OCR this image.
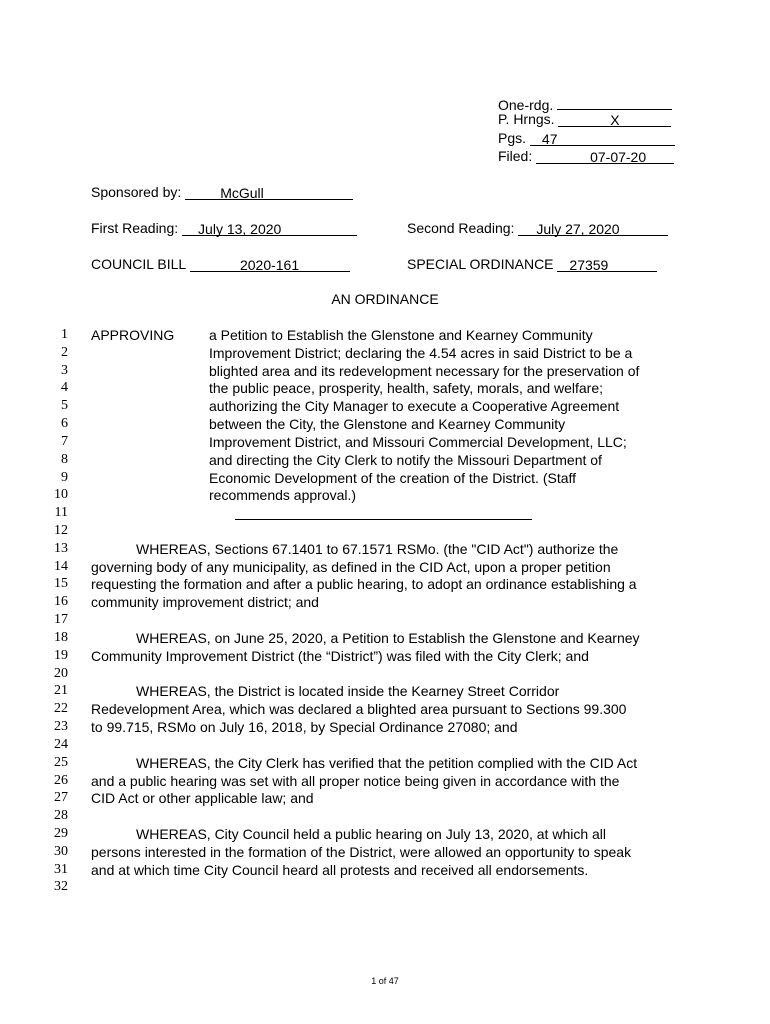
One-rdg.
P. Hrngs.	X
Pgs. 47
Filed:	07-07-20
Sponsored by:	McGull
First Reading: July 13, 2020	Second Reading: July 27, 2020
COUNCIL BILL	2020-161	SPECIAL ORDINANCE 27359
AN ORDINANCE
1
2
3
4
5
6
7
8
9
10
11
12
13
14
15
16
17
18
19
20
21
22
23
24
25
26
27
28
29
30
31
32
APPROVING a Petition to Establish the Glenstone and Kearney Community
Improvement District; declaring the 4.54 acres in said District to be a
blighted area and its redevelopment necessary for the preservation of
the public peace, prosperity, health, safety, morals, and welfare;
authorizing the City Manager to execute a Cooperative Agreement
between the City, the Glenstone and Kearney Community
Improvement District, and Missouri Commercial Development, LLC;
and directing the City Clerk to notify the Missouri Department of
Economic Development of the creation of the District. (Staff
recommends approval.)
WHEREAS, Sections 67.1401 to 67.1571 RSMo. (the "CID Act") authorize the
governing body of any municipality, as defined in the CID Act, upon a proper petition
requesting the formation and after a public hearing, to adopt an ordinance establishing a
community improvement district; and
WHEREAS, on June 25, 2020, a Petition to Establish the Glenstone and Kearney
Community Improvement District (the “District”) was filed with the City Clerk; and
WHEREAS, the District is located inside the Kearney Street Corridor
Redevelopment Area, which was declared a blighted area pursuant to Sections 99.300
to 99.715, RSMo on July 16, 2018, by Special Ordinance 27080; and
WHEREAS, the City Clerk has verified that the petition complied with the CID Act
and a public hearing was set with all proper notice being given in accordance with the
CID Act or other applicable law; and
WHEREAS, City Council held a public hearing on July 13, 2020, at which all
persons interested in the formation of the District, were allowed an opportunity to speak
and at which time City Council heard all protests and received all endorsements.
1 of 47
